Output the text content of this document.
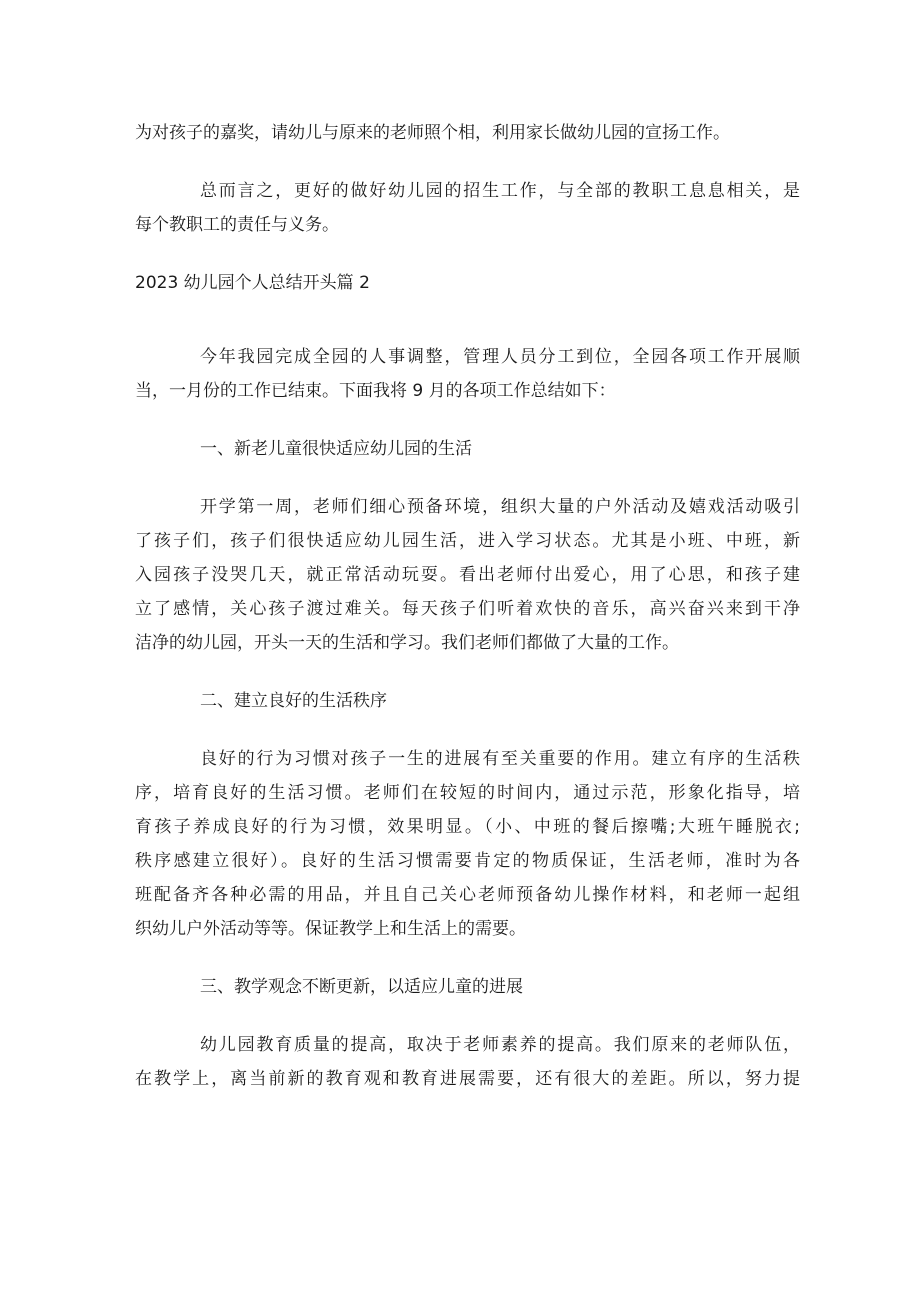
为对孩子的嘉奖，请幼儿与原来的老师照个相，利用家长做幼儿园的宣扬工作。
总而言之，更好的做好幼儿园的招生工作，与全部的教职工息息相关，是
每个教职工的责任与义务。
2023 幼儿园个人总结开头篇 2
今年我园完成全园的人事调整，管理人员分工到位，全园各项工作开展顺
当，一月份的工作已结束。下面我将 9 月的各项工作总结如下：
一、新老儿童很快适应幼儿园的生活
开学第一周，老师们细心预备环境，组织大量的户外活动及嬉戏活动吸引
了孩子们，孩子们很快适应幼儿园生活，进入学习状态。尤其是小班、中班，新
入园孩子没哭几天，就正常活动玩耍。看出老师付出爱心，用了心思，和孩子建
立了感情，关心孩子渡过难关。每天孩子们听着欢快的音乐，高兴奋兴来到干净
洁净的幼儿园，开头一天的生活和学习。我们老师们都做了大量的工作。
二、建立良好的生活秩序
良好的行为习惯对孩子一生的进展有至关重要的作用。建立有序的生活秩
序，培育良好的生活习惯。老师们在较短的时间内，通过示范，形象化指导，培
育孩子养成良好的行为习惯，效果明显。（小、中班的餐后擦嘴;大班午睡脱衣;
秩序感建立很好）。良好的生活习惯需要肯定的物质保证，生活老师，准时为各
班配备齐各种必需的用品，并且自己关心老师预备幼儿操作材料，和老师一起组
织幼儿户外活动等等。保证教学上和生活上的需要。
三、教学观念不断更新，以适应儿童的进展
幼儿园教育质量的提高，取决于老师素养的提高。我们原来的老师队伍，
在教学上，离当前新的教育观和教育进展需要，还有很大的差距。所以，努力提
